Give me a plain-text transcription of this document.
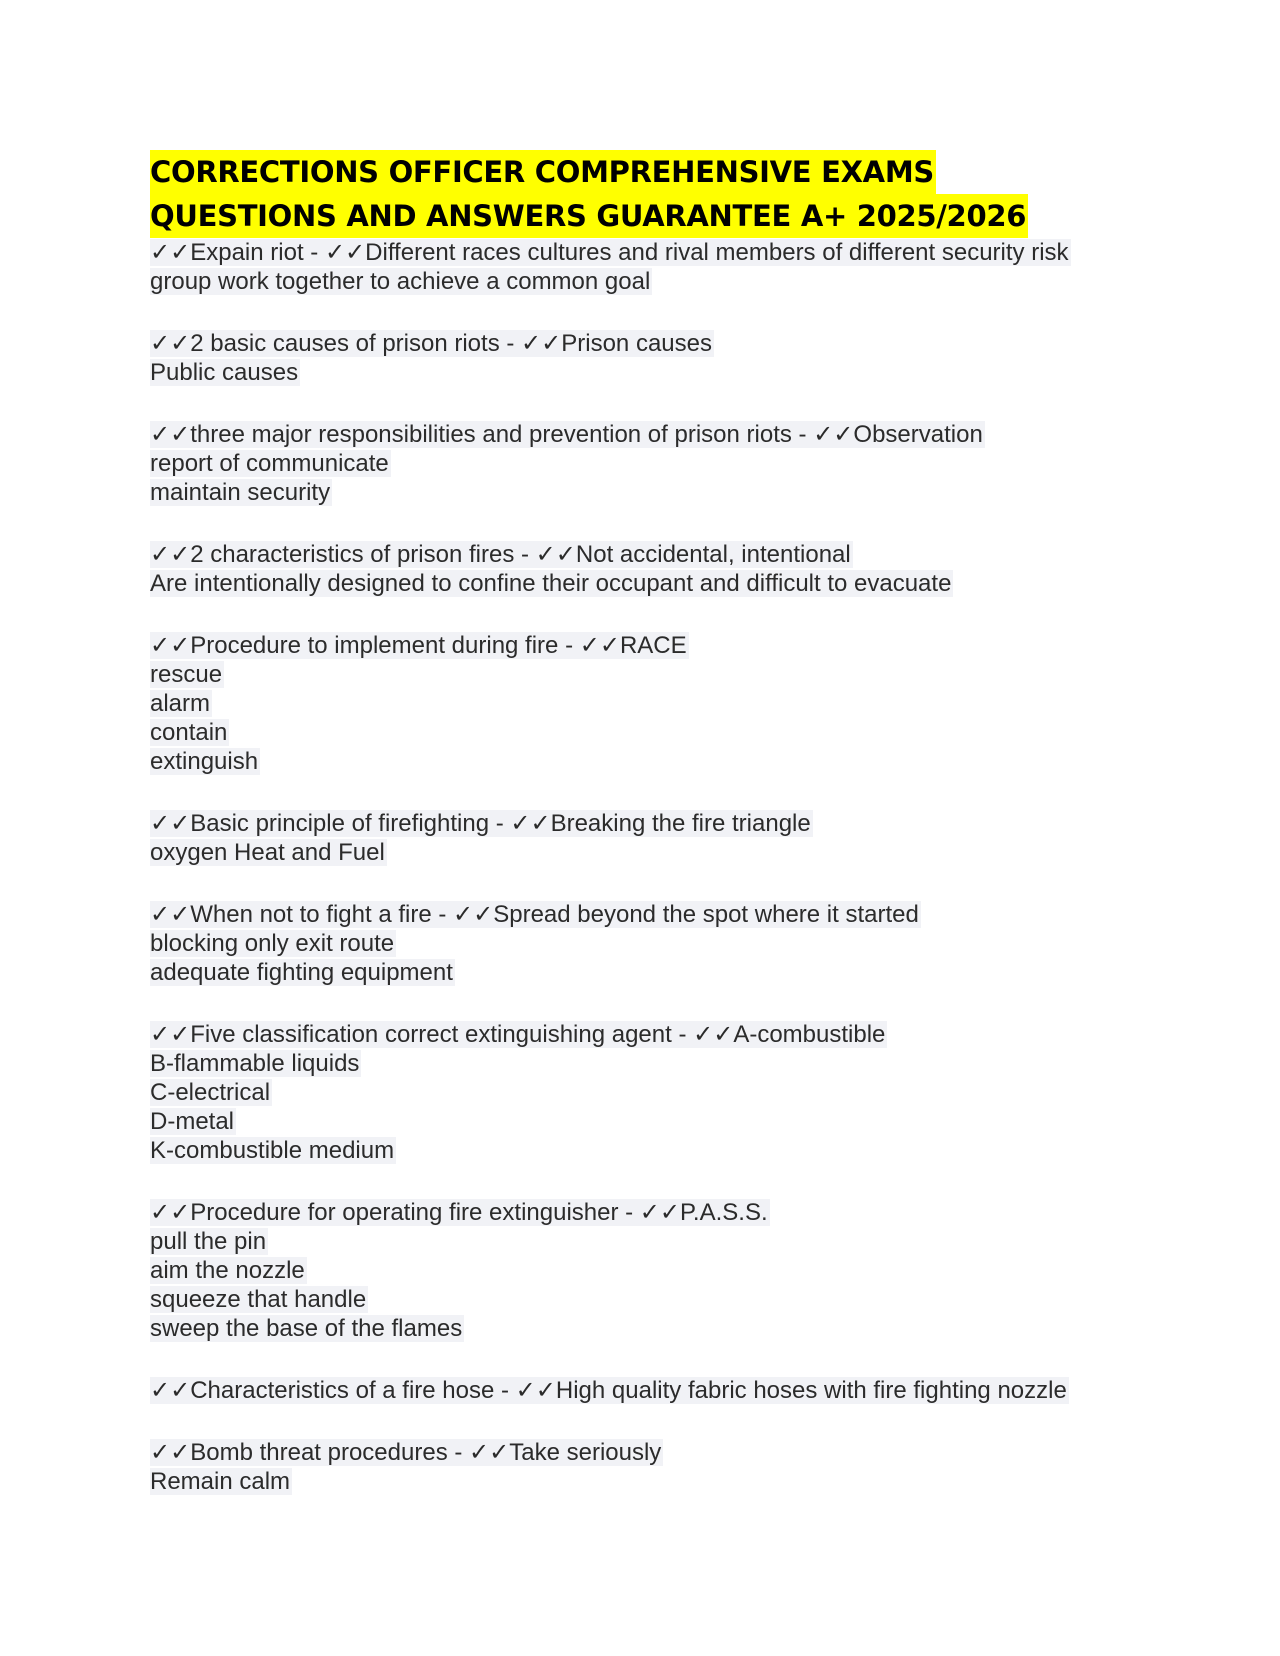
CORRECTIONS OFFICER COMPREHENSIVE EXAMS
QUESTIONS AND ANSWERS GUARANTEE A+ 2025/2026
✓✓Expain riot - ✓✓Different races cultures and rival members of different security risk
group work together to achieve a common goal
✓✓2 basic causes of prison riots - ✓✓Prison causes
Public causes
✓✓three major responsibilities and prevention of prison riots - ✓✓Observation
report of communicate
maintain security
✓✓2 characteristics of prison fires - ✓✓Not accidental, intentional
Are intentionally designed to confine their occupant and difficult to evacuate
✓✓Procedure to implement during fire - ✓✓RACE
rescue
alarm
contain
extinguish
✓✓Basic principle of firefighting - ✓✓Breaking the fire triangle
oxygen Heat and Fuel
✓✓When not to fight a fire - ✓✓Spread beyond the spot where it started
blocking only exit route
adequate fighting equipment
✓✓Five classification correct extinguishing agent - ✓✓A-combustible
B-flammable liquids
C-electrical
D-metal
K-combustible medium
✓✓Procedure for operating fire extinguisher - ✓✓P.A.S.S.
pull the pin
aim the nozzle
squeeze that handle
sweep the base of the flames
✓✓Characteristics of a fire hose - ✓✓High quality fabric hoses with fire fighting nozzle
✓✓Bomb threat procedures - ✓✓Take seriously
Remain calm
